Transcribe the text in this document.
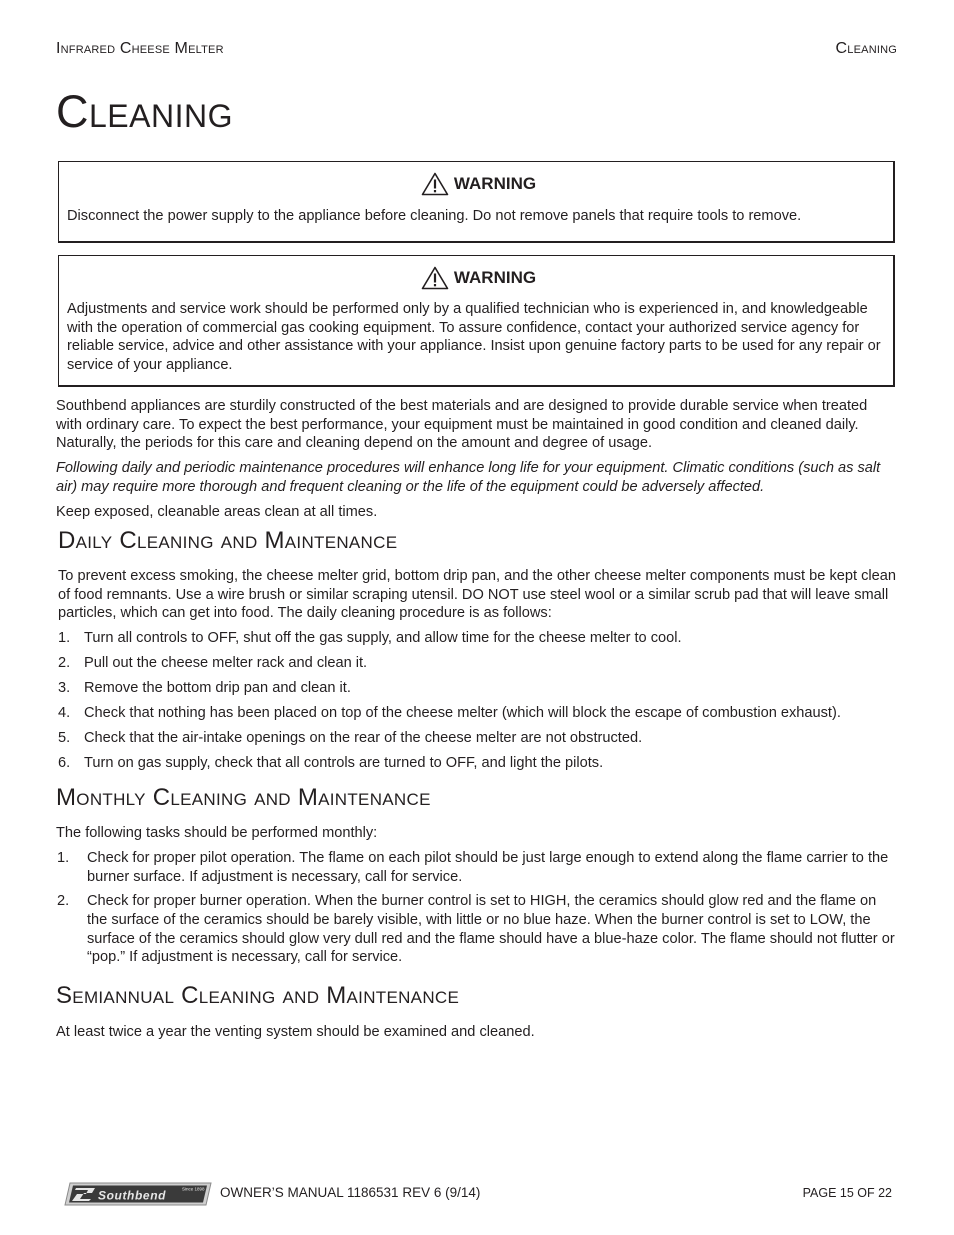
Infrared Cheese Melter	Cleaning
Cleaning
WARNING
Disconnect the power supply to the appliance before cleaning. Do not remove panels that require tools to remove.
WARNING
Adjustments and service work should be performed only by a qualified technician who is experienced in, and knowledgeable with the operation of commercial gas cooking equipment. To assure confidence, contact your authorized service agency for reliable service, advice and other assistance with your appliance. Insist upon genuine factory parts to be used for any repair or service of your appliance.

Southbend appliances are sturdily constructed of the best materials and are designed to provide durable service when treated with ordinary care. To expect the best performance, your equipment must be maintained in good condition and cleaned daily. Naturally, the periods for this care and cleaning depend on the amount and degree of usage.

Following daily and periodic maintenance procedures will enhance long life for your equipment. Climatic conditions (such as salt air) may require more thorough and frequent cleaning or the life of the equipment could be adversely affected.

Keep exposed, cleanable areas clean at all times.

Daily Cleaning and Maintenance

To prevent excess smoking, the cheese melter grid, bottom drip pan, and the other cheese melter components must be kept clean of food remnants. Use a wire brush or similar scraping utensil. DO NOT use steel wool or a similar scrub pad that will leave small particles, which can get into food. The daily cleaning procedure is as follows:

1. Turn all controls to OFF, shut off the gas supply, and allow time for the cheese melter to cool.
2. Pull out the cheese melter rack and clean it.
3. Remove the bottom drip pan and clean it.
4. Check that nothing has been placed on top of the cheese melter (which will block the escape of combustion exhaust).
5. Check that the air-intake openings on the rear of the cheese melter are not obstructed.
6. Turn on gas supply, check that all controls are turned to OFF, and light the pilots.
Monthly Cleaning and Maintenance

The following tasks should be performed monthly:

1. Check for proper pilot operation. The flame on each pilot should be just large enough to extend along the flame carrier to the burner surface. If adjustment is necessary, call for service.
2. Check for proper burner operation. When the burner control is set to HIGH, the ceramics should glow red and the flame on the surface of the ceramics should be barely visible, with little or no blue haze. When the burner control is set to LOW, the surface of the ceramics should glow very dull red and the flame should have a blue-haze color. The flame should not flutter or “pop.” If adjustment is necessary, call for service.
Semiannual Cleaning and Maintenance

At least twice a year the venting system should be examined and cleaned.

Southbend	Since 1898 OWNER’S MANUAL 1186531 REV 6 (9/14)	PAGE 15 OF 22
